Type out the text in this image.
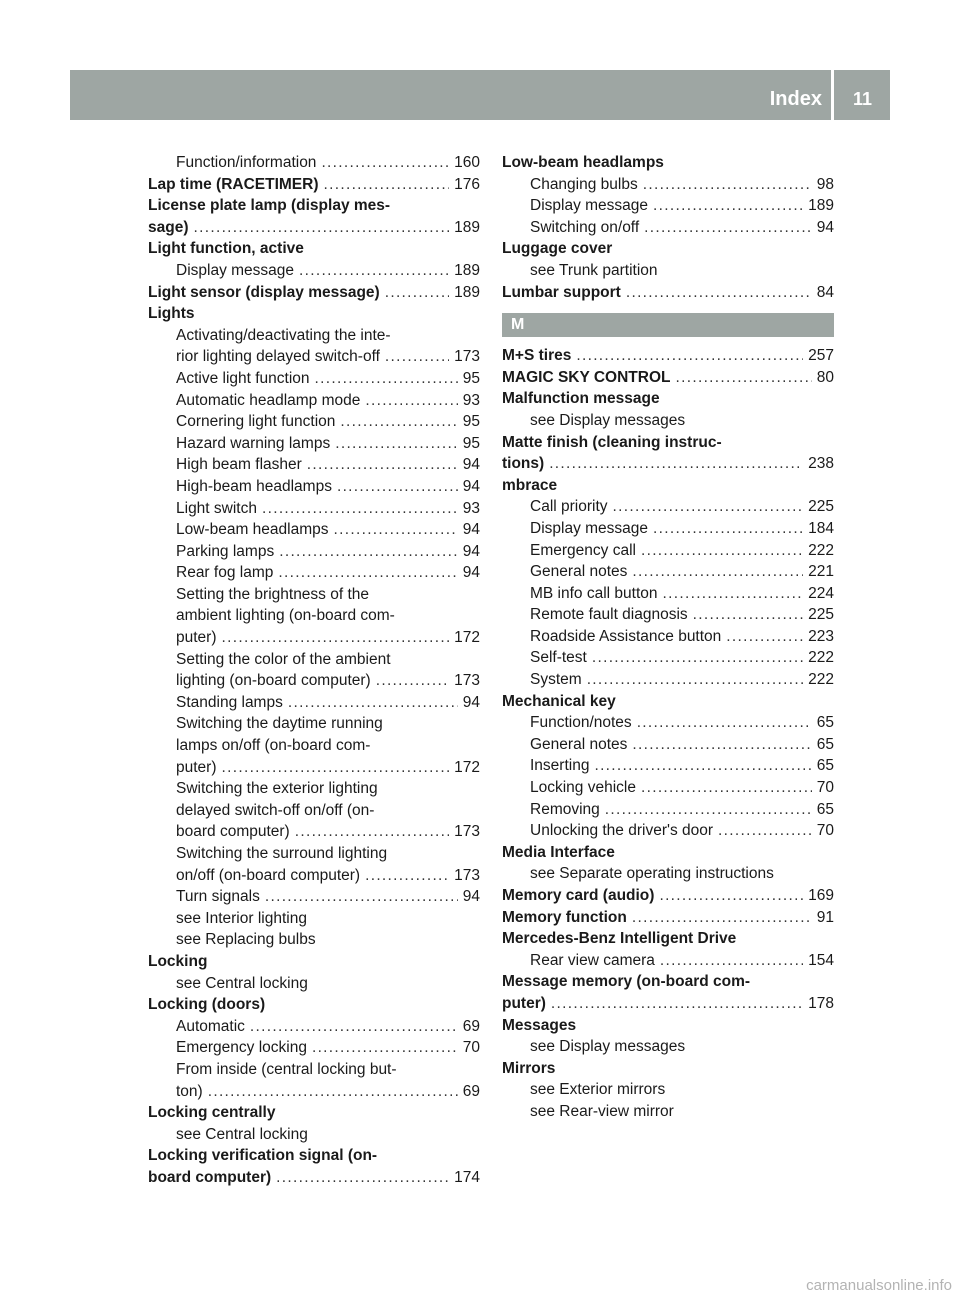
Index 11
Function/information . . .	160
Lap time (RACETIMER) . . .	176
License plate lamp (display mes-
sage) . . .	189
Light function, active
Display message . . .	189
Light sensor (display message) . . .	189
Lights
Activating/deactivating the inte-
rior lighting delayed switch-off . . .	173
Active light function . . .	95
Automatic headlamp mode . . .	93
Cornering light function . . .	95
Hazard warning lamps . . .	95
High beam flasher . . .	94
High-beam headlamps . . .	94
Light switch . . .	93
Low-beam headlamps . . .	94
Parking lamps . . .	94
Rear fog lamp . . .	94
Setting the brightness of the
ambient lighting (on-board com-
puter) . . .	172
Setting the color of the ambient
lighting (on-board computer) . . .	173
Standing lamps . . .	94
Switching the daytime running
lamps on/off (on-board com-
puter) . . .	172
Switching the exterior lighting
delayed switch-off on/off (on-
board computer) . . .	173
Switching the surround lighting
on/off (on-board computer) . . .	173
Turn signals . . .	94
see Interior lighting
see Replacing bulbs
Locking
see Central locking
Locking (doors)
Automatic . . .	69
Emergency locking . . .	70
From inside (central locking but-
ton) . . .	69
Locking centrally
see Central locking
Locking verification signal (on-
board computer) . . .	174
Low-beam headlamps
Changing bulbs . . .	98
Display message . . .	189
Switching on/off . . .	94
Luggage cover
see Trunk partition
Lumbar support . . .	84
M
M+S tires . . .	257
MAGIC SKY CONTROL . . .	80
Malfunction message
see Display messages
Matte finish (cleaning instruc-
tions) . . .	238
mbrace
Call priority . . .	225
Display message . . .	184
Emergency call . . .	222
General notes . . .	221
MB info call button . . .	224
Remote fault diagnosis . . .	225
Roadside Assistance button . . .	223
Self-test . . .	222
System . . .	222
Mechanical key
Function/notes . . .	65
General notes . . .	65
Inserting . . .	65
Locking vehicle . . .	70
Removing . . .	65
Unlocking the driver's door . . .	70
Media Interface
see Separate operating instructions
Memory card (audio) . . .	169
Memory function . . .	91
Mercedes-Benz Intelligent Drive
Rear view camera . . .	154
Message memory (on-board com-
puter) . . .	178
Messages
see Display messages
Mirrors
see Exterior mirrors
see Rear-view mirror
carmanualsonline.info
